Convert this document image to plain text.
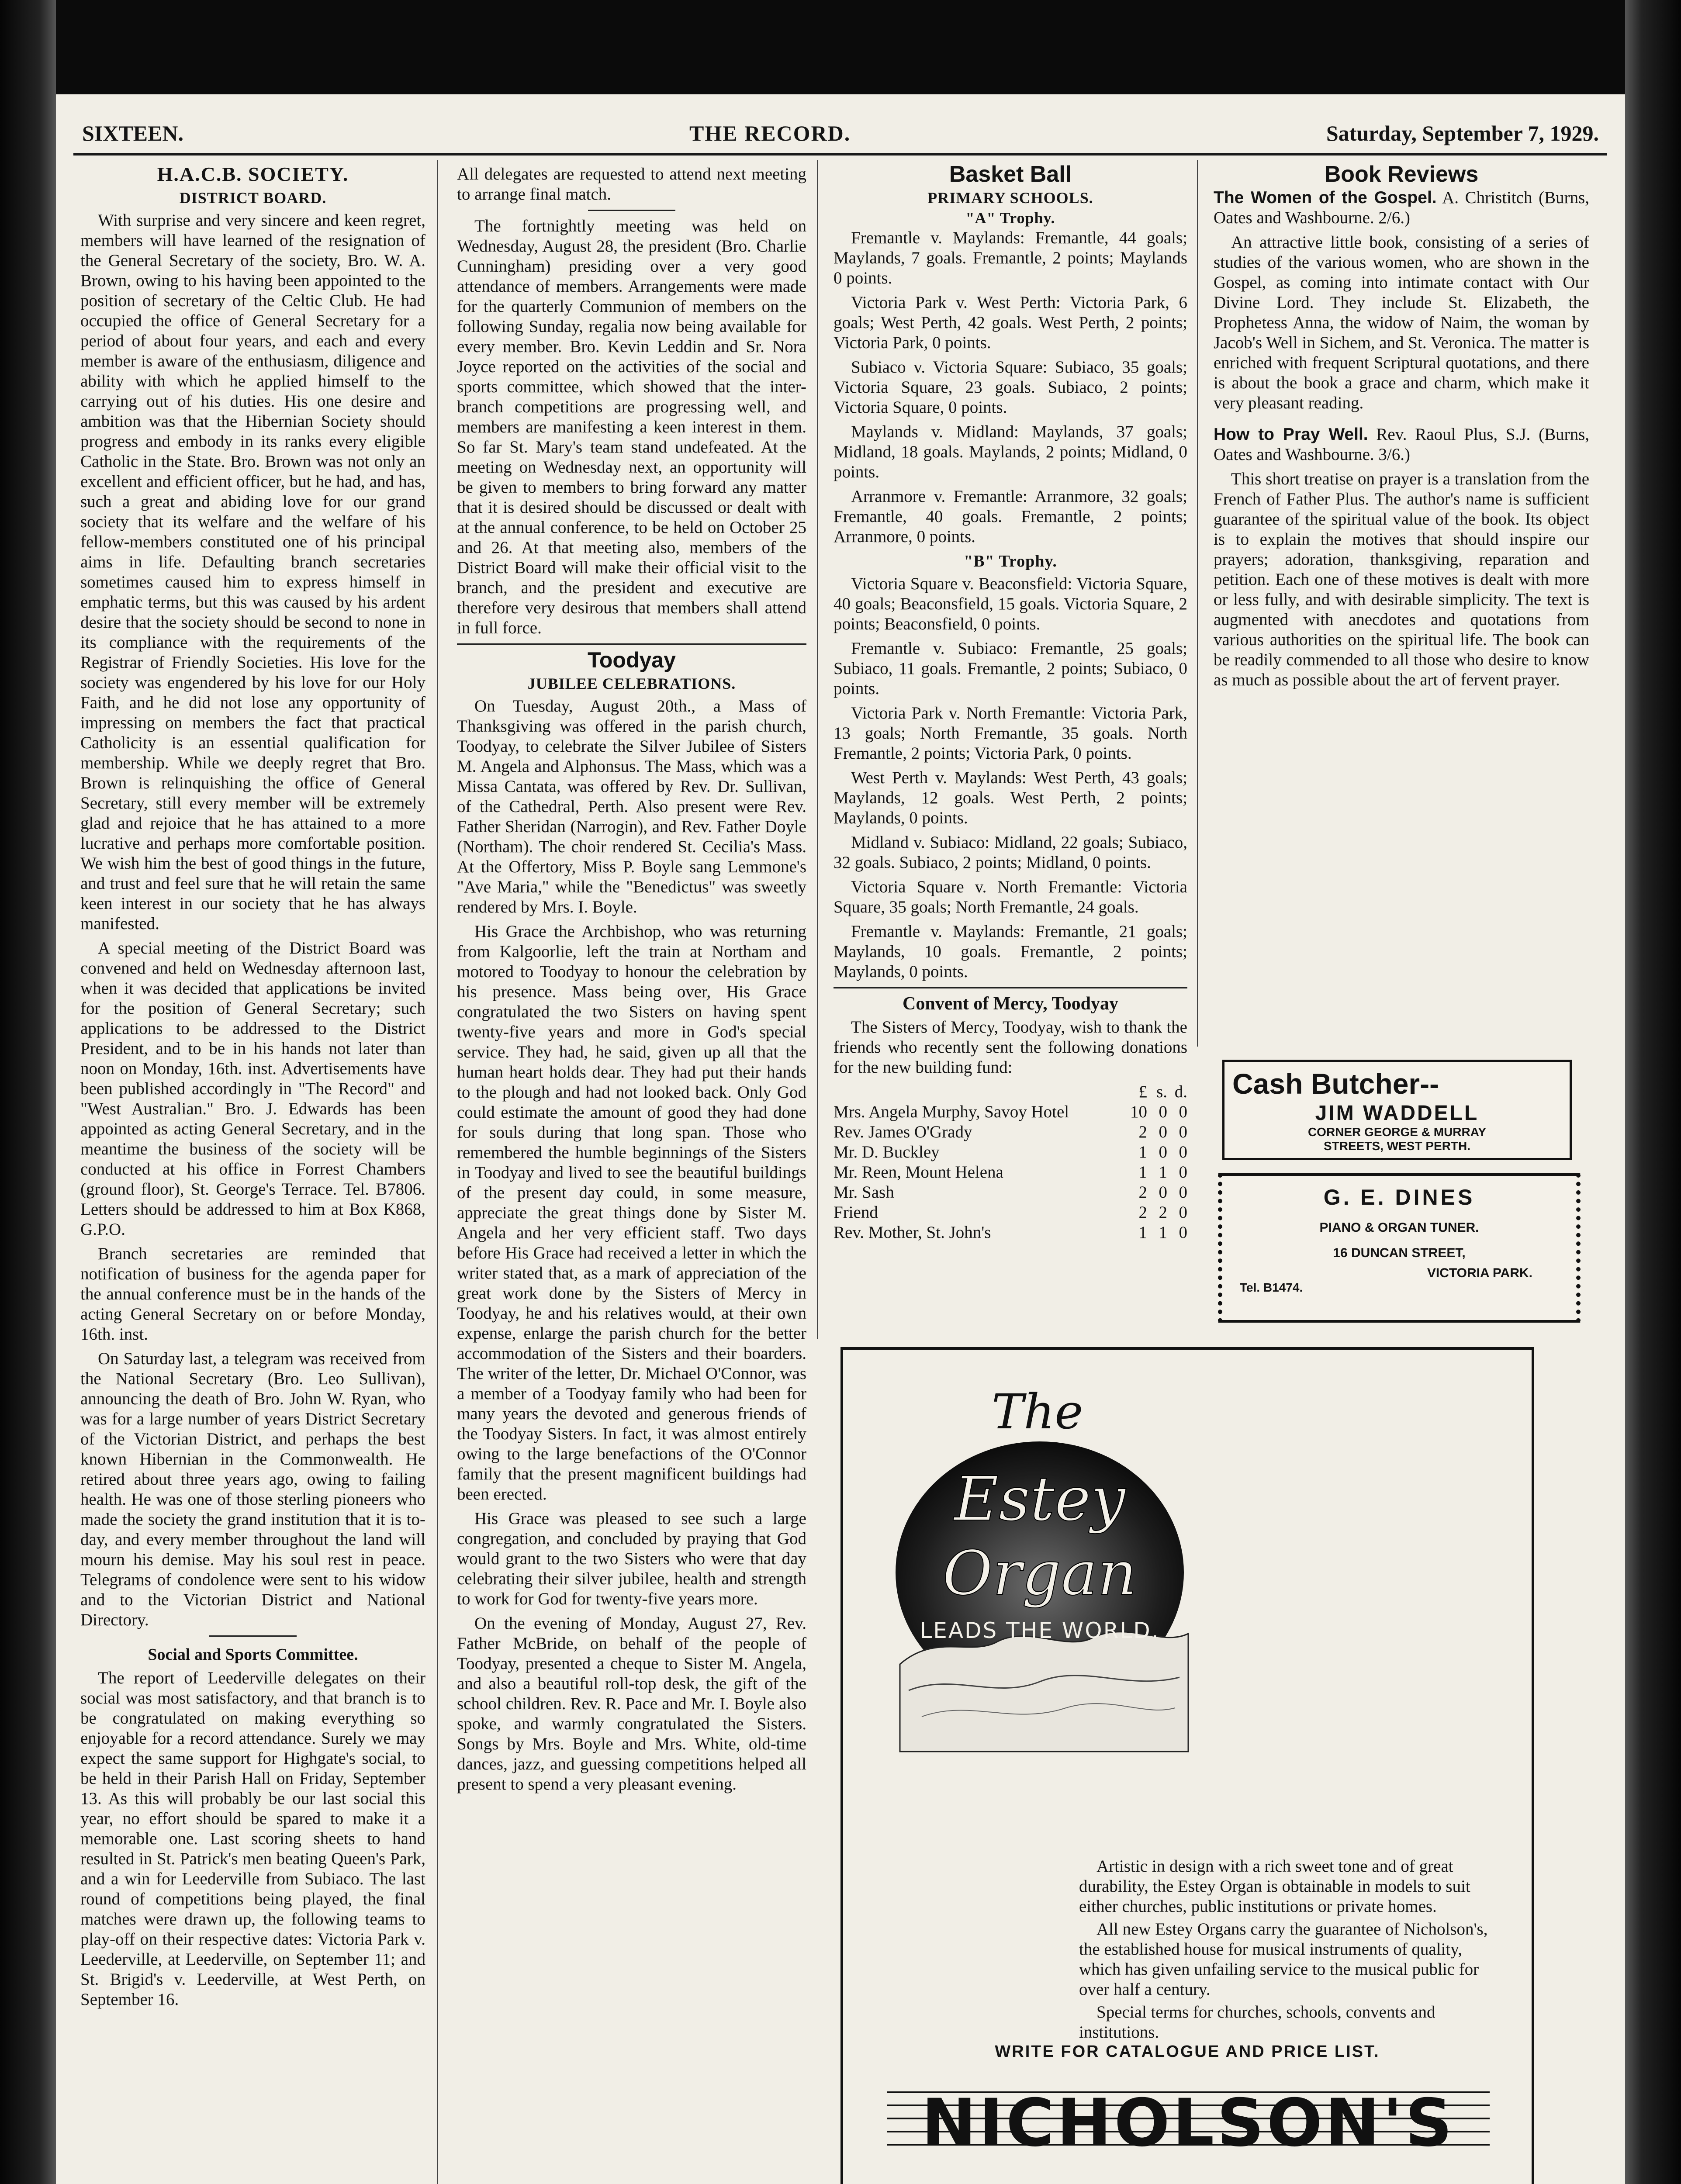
SIXTEEN.	THE RECORD.	Saturday, September 7, 1929.
H.A.C.B. SOCIETY.
DISTRICT BOARD.

With surprise and very sincere and keen regret, members will have learned of the resignation of the General Secretary of the society, Bro. W. A. Brown, owing to his having been appointed to the position of secretary of the Celtic Club. He had occupied the office of General Secretary for a period of about four years, and each and every member is aware of the enthusiasm, diligence and ability with which he applied himself to the carrying out of his duties. His one desire and ambition was that the Hibernian Society should progress and embody in its ranks every eligible Catholic in the State. Bro. Brown was not only an excellent and efficient officer, but he had, and has, such a great and abiding love for our grand society that its welfare and the welfare of his fellow-members constituted one of his principal aims in life. Defaulting branch secretaries sometimes caused him to express himself in emphatic terms, but this was caused by his ardent desire that the society should be second to none in its compliance with the requirements of the Registrar of Friendly Societies. His love for the society was engendered by his love for our Holy Faith, and he did not lose any opportunity of impressing on members the fact that practical Catholicity is an essential qualification for membership. While we deeply regret that Bro. Brown is relinquishing the office of General Secretary, still every member will be extremely glad and rejoice that he has attained to a more lucrative and perhaps more comfortable position. We wish him the best of good things in the future, and trust and feel sure that he will retain the same keen interest in our society that he has always manifested.

A special meeting of the District Board was convened and held on Wednesday afternoon last, when it was decided that applications be invited for the position of General Secretary; such applications to be addressed to the District President, and to be in his hands not later than noon on Monday, 16th. inst. Advertisements have been published accordingly in "The Record" and "West Australian." Bro. J. Edwards has been appointed as acting General Secretary, and in the meantime the business of the society will be conducted at his office in Forrest Chambers (ground floor), St. George's Terrace. Tel. B7806. Letters should be addressed to him at Box K868, G.P.O.

Branch secretaries are reminded that notification of business for the agenda paper for the annual conference must be in the hands of the acting General Secretary on or before Monday, 16th. inst.

On Saturday last, a telegram was received from the National Secretary (Bro. Leo Sullivan), announcing the death of Bro. John W. Ryan, who was for a large number of years District Secretary of the Victorian District, and perhaps the best known Hibernian in the Commonwealth. He retired about three years ago, owing to failing health. He was one of those sterling pioneers who made the society the grand institution that it is to-day, and every member throughout the land will mourn his demise. May his soul rest in peace. Telegrams of condolence were sent to his widow and to the Victorian District and National Directory.

Social and Sports Committee.

The report of Leederville delegates on their social was most satisfactory, and that branch is to be congratulated on making everything so enjoyable for a record attendance. Surely we may expect the same support for Highgate's social, to be held in their Parish Hall on Friday, September 13. As this will probably be our last social this year, no effort should be spared to make it a memorable one. Last scoring sheets to hand resulted in St. Patrick's men beating Queen's Park, and a win for Leederville from Subiaco. The last round of competitions being played, the final matches were drawn up, the following teams to play-off on their respective dates: Victoria Park v. Leederville, at Leederville, on September 11; and St. Brigid's v. Leederville, at West Perth, on September 16.

All delegates are requested to attend next meeting to arrange final match.

The fortnightly meeting was held on Wednesday, August 28, the president (Bro. Charlie Cunningham) presiding over a very good attendance of members. Arrangements were made for the quarterly Communion of members on the following Sunday, regalia now being available for every member. Bro. Kevin Leddin and Sr. Nora Joyce reported on the activities of the social and sports committee, which showed that the inter-branch competitions are progressing well, and members are manifesting a keen interest in them. So far St. Mary's team stand undefeated. At the meeting on Wednesday next, an opportunity will be given to members to bring forward any matter that it is desired should be discussed or dealt with at the annual conference, to be held on October 25 and 26. At that meeting also, members of the District Board will make their official visit to the branch, and the president and executive are therefore very desirous that members shall attend in full force.

Toodyay
JUBILEE CELEBRATIONS.

On Tuesday, August 20th., a Mass of Thanksgiving was offered in the parish church, Toodyay, to celebrate the Silver Jubilee of Sisters M. Angela and Alphonsus. The Mass, which was a Missa Cantata, was offered by Rev. Dr. Sullivan, of the Cathedral, Perth. Also present were Rev. Father Sheridan (Narrogin), and Rev. Father Doyle (Northam). The choir rendered St. Cecilia's Mass. At the Offertory, Miss P. Boyle sang Lemmone's "Ave Maria," while the "Benedictus" was sweetly rendered by Mrs. I. Boyle.

His Grace the Archbishop, who was returning from Kalgoorlie, left the train at Northam and motored to Toodyay to honour the celebration by his presence. Mass being over, His Grace congratulated the two Sisters on having spent twenty-five years and more in God's special service. They had, he said, given up all that the human heart holds dear. They had put their hands to the plough and had not looked back. Only God could estimate the amount of good they had done for souls during that long span. Those who remembered the humble beginnings of the Sisters in Toodyay and lived to see the beautiful buildings of the present day could, in some measure, appreciate the great things done by Sister M. Angela and her very efficient staff. Two days before His Grace had received a letter in which the writer stated that, as a mark of appreciation of the great work done by the Sisters of Mercy in Toodyay, he and his relatives would, at their own expense, enlarge the parish church for the better accommodation of the Sisters and their boarders. The writer of the letter, Dr. Michael O'Connor, was a member of a Toodyay family who had been for many years the devoted and generous friends of the Toodyay Sisters. In fact, it was almost entirely owing to the large benefactions of the O'Connor family that the present magnificent buildings had been erected.

His Grace was pleased to see such a large congregation, and concluded by praying that God would grant to the two Sisters who were that day celebrating their silver jubilee, health and strength to work for God for twenty-five years more.

On the evening of Monday, August 27, Rev. Father McBride, on behalf of the people of Toodyay, presented a cheque to Sister M. Angela, and also a beautiful roll-top desk, the gift of the school children. Rev. R. Pace and Mr. I. Boyle also spoke, and warmly congratulated the Sisters. Songs by Mrs. Boyle and Mrs. White, old-time dances, jazz, and guessing competitions helped all present to spend a very pleasant evening.

Basket Ball
PRIMARY SCHOOLS.
"A" Trophy.

Fremantle v. Maylands: Fremantle, 44 goals; Maylands, 7 goals. Fremantle, 2 points; Maylands 0 points.

Victoria Park v. West Perth: Victoria Park, 6 goals; West Perth, 42 goals. West Perth, 2 points; Victoria Park, 0 points.

Subiaco v. Victoria Square: Subiaco, 35 goals; Victoria Square, 23 goals. Subiaco, 2 points; Victoria Square, 0 points.

Maylands v. Midland: Maylands, 37 goals; Midland, 18 goals. Maylands, 2 points; Midland, 0 points.

Arranmore v. Fremantle: Arranmore, 32 goals; Fremantle, 40 goals. Fremantle, 2 points; Arranmore, 0 points.

"B" Trophy.

Victoria Square v. Beaconsfield: Victoria Square, 40 goals; Beaconsfield, 15 goals. Victoria Square, 2 points; Beaconsfield, 0 points.

Fremantle v. Subiaco: Fremantle, 25 goals; Subiaco, 11 goals. Fremantle, 2 points; Subiaco, 0 points.

Victoria Park v. North Fremantle: Victoria Park, 13 goals; North Fremantle, 35 goals. North Fremantle, 2 points; Victoria Park, 0 points.

West Perth v. Maylands: West Perth, 43 goals; Maylands, 12 goals. West Perth, 2 points; Maylands, 0 points.

Midland v. Subiaco: Midland, 22 goals; Subiaco, 32 goals. Subiaco, 2 points; Midland, 0 points.

Victoria Square v. North Fremantle: Victoria Square, 35 goals; North Fremantle, 24 goals.

Fremantle v. Maylands: Fremantle, 21 goals; Maylands, 10 goals. Fremantle, 2 points; Maylands, 0 points.

Convent of Mercy, Toodyay

The Sisters of Mercy, Toodyay, wish to thank the friends who recently sent the following donations for the new building fund:

	£	s.	d.
Mrs. Angela Murphy, Savoy Hotel	10	0	0
Rev. James O'Grady	2	0	0
Mr. D. Buckley	1	0	0
Mr. Reen, Mount Helena	1	1	0
Mr. Sash	2	0	0
Friend	2	2	0
Rev. Mother, St. John's	1	1	0
Book Reviews

The Women of the Gospel. A. Christitch (Burns, Oates and Washbourne. 2/6.)

An attractive little book, consisting of a series of studies of the various women, who are shown in the Gospel, as coming into intimate contact with Our Divine Lord. They include St. Elizabeth, the Prophetess Anna, the widow of Naim, the woman by Jacob's Well in Sichem, and St. Veronica. The matter is enriched with frequent Scriptural quotations, and there is about the book a grace and charm, which make it very pleasant reading.

How to Pray Well. Rev. Raoul Plus, S.J. (Burns, Oates and Washbourne. 3/6.)

This short treatise on prayer is a translation from the French of Father Plus. The author's name is sufficient guarantee of the spiritual value of the book. Its object is to explain the motives that should inspire our prayers; adoration, thanksgiving, reparation and petition. Each one of these motives is dealt with more or less fully, and with desirable simplicity. The text is augmented with anecdotes and quotations from various authorities on the spiritual life. The book can be readily commended to all those who desire to know as much as possible about the art of fervent prayer.

Cash Butcher--
JIM WADDELL
CORNER GEORGE & MURRAY
STREETS, WEST PERTH.
G. E. DINES
PIANO & ORGAN TUNER.
16 DUNCAN STREET,
VICTORIA PARK.
Tel. B1474.
The
Estey
Organ
LEADS THE WORLD.

Artistic in design with a rich sweet tone and of great durability, the Estey Organ is obtainable in models to suit either churches, public institutions or private homes.

All new Estey Organs carry the guarantee of Nicholson's, the established house for musical instruments of quality, which has given unfailing service to the musical public for over half a century.

Special terms for churches, schools, convents and institutions.

WRITE FOR CATALOGUE AND PRICE LIST.
NICHOLSON'S
